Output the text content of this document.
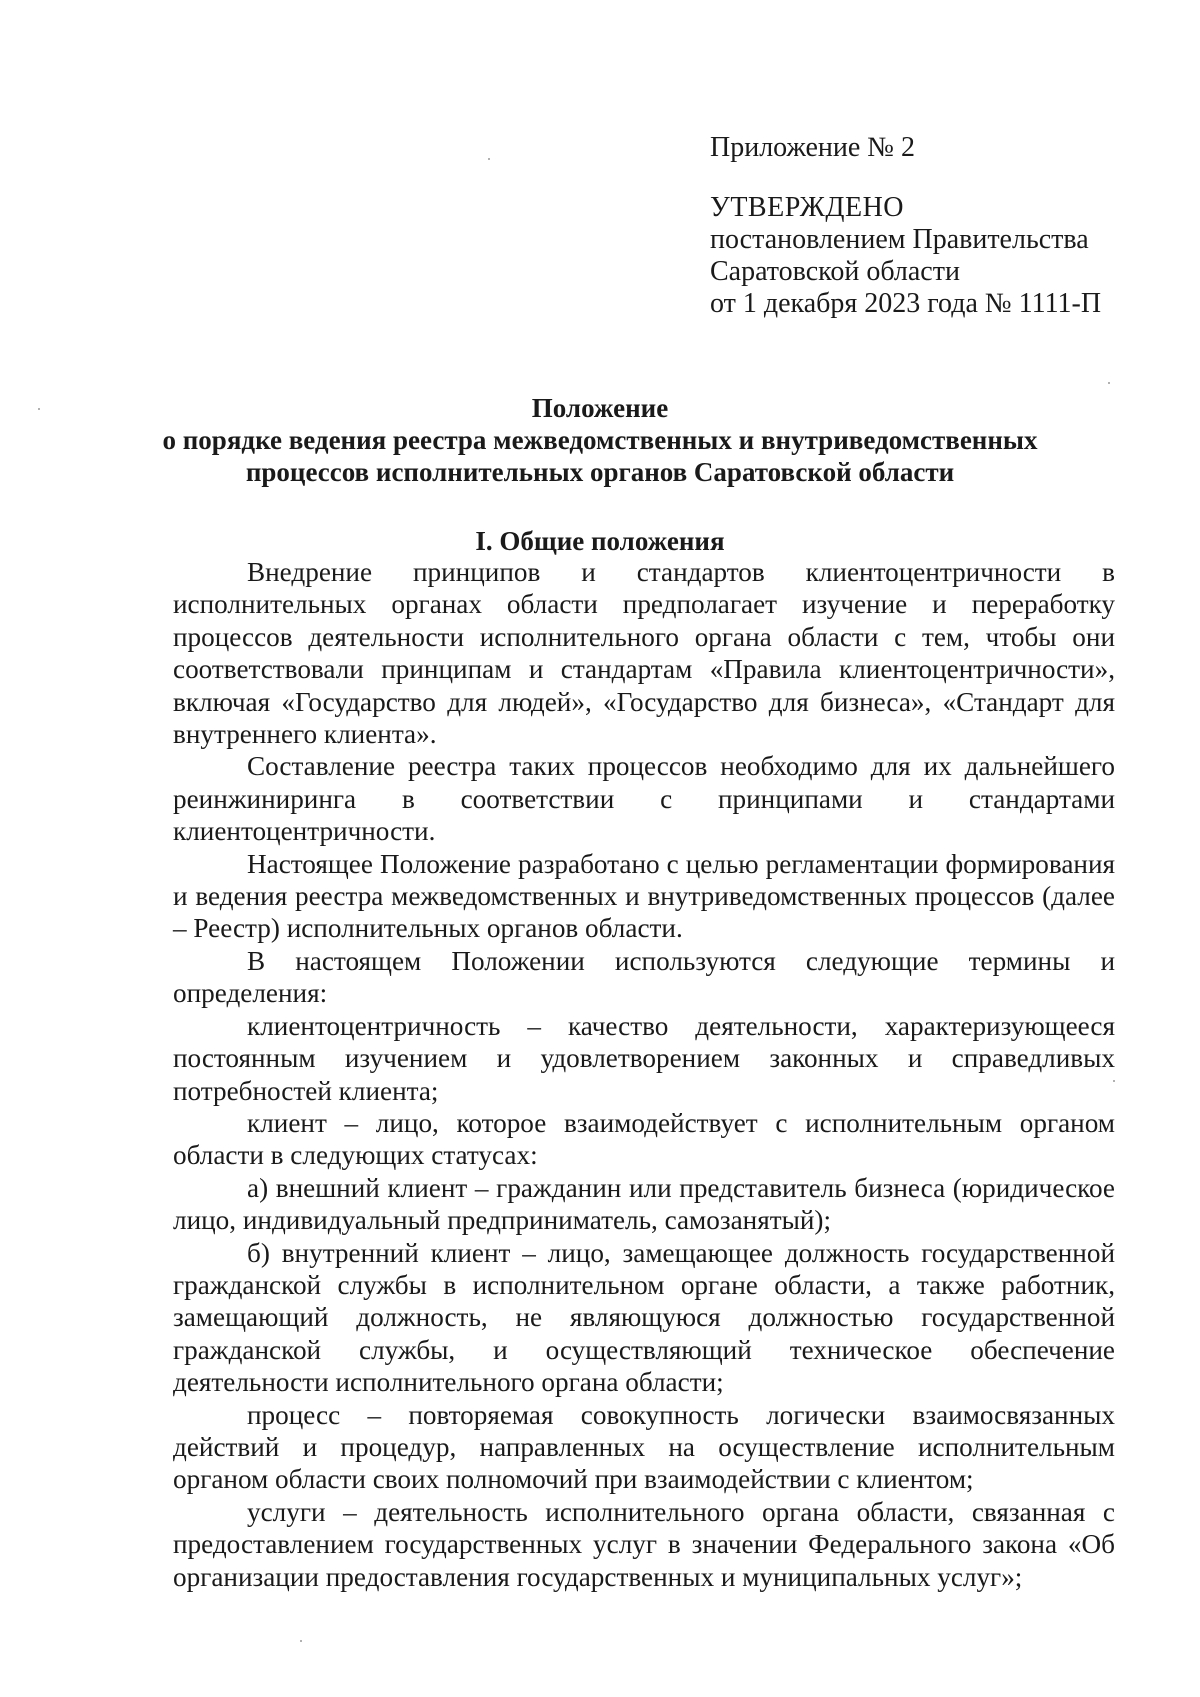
Приложение № 2
УТВЕРЖДЕНО
постановлением Правительства
Саратовской области
от 1 декабря 2023 года № 1111-П
Положение
о порядке ведения реестра межведомственных и внутриведомственных
процессов исполнительных органов Саратовской области
I. Общие положения

Внедрение принципов и стандартов клиентоцентричности в исполнительных органах области предполагает изучение и переработку процессов деятельности исполнительного органа области с тем, чтобы они соответствовали принципам и стандартам «Правила клиентоцентричности», включая «Государство для людей», «Государство для бизнеса», «Стандарт для внутреннего клиента».

Составление реестра таких процессов необходимо для их дальнейшего реинжиниринга в соответствии с принципами и стандартами клиентоцентричности.

Настоящее Положение разработано с целью регламентации формирования и ведения реестра межведомственных и внутриведомственных процессов (далее – Реестр) исполнительных органов области.

В настоящем Положении используются следующие термины и определения:

клиентоцентричность – качество деятельности, характеризующееся постоянным изучением и удовлетворением законных и справедливых потребностей клиента;

клиент – лицо, которое взаимодействует с исполнительным органом области в следующих статусах:

а) внешний клиент – гражданин или представитель бизнеса (юридическое лицо, индивидуальный предприниматель, самозанятый);

б) внутренний клиент – лицо, замещающее должность государственной гражданской службы в исполнительном органе области, а также работник, замещающий должность, не являющуюся должностью государственной гражданской службы, и осуществляющий техническое обеспечение деятельности исполнительного органа области;

процесс – повторяемая совокупность логически взаимосвязанных действий и процедур, направленных на осуществление исполнительным органом области своих полномочий при взаимодействии с клиентом;

услуги – деятельность исполнительного органа области, связанная с предоставлением государственных услуг в значении Федерального закона «Об организации предоставления государственных и муниципальных услуг»;
